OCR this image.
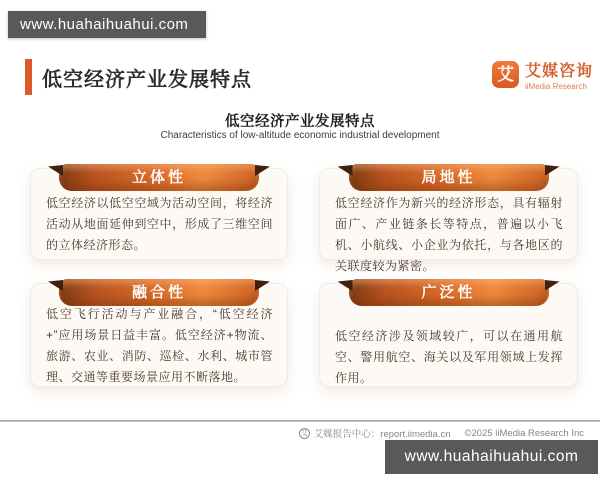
www.huahaihuahui.com
低空经济产业发展特点	艾 艾媒咨询
iiMedia Research
低空经济产业发展特点
Characteristics of low-altitude economic industrial development
立体性
低空经济以低空空域为活动空间，将经济活动从地面延伸到空中，形成了三维空间的立体经济形态。
局地性
低空经济作为新兴的经济形态，具有辐射面广、产业链条长等特点，普遍以小飞机、小航线、小企业为依托，与各地区的关联度较为紧密。
融合性
低空飞行活动与产业融合，“低空经济+”应用场景日益丰富。低空经济+物流、旅游、农业、消防、巡检、水利、城市管理、交通等重要场景应用不断落地。
广泛性
低空经济涉及领域较广，可以在通用航空、警用航空、海关以及军用领域上发挥作用。
艾 艾媒报告中心：report.iimedia.cn ©2025 iiMedia Research Inc
www.huahaihuahui.com
